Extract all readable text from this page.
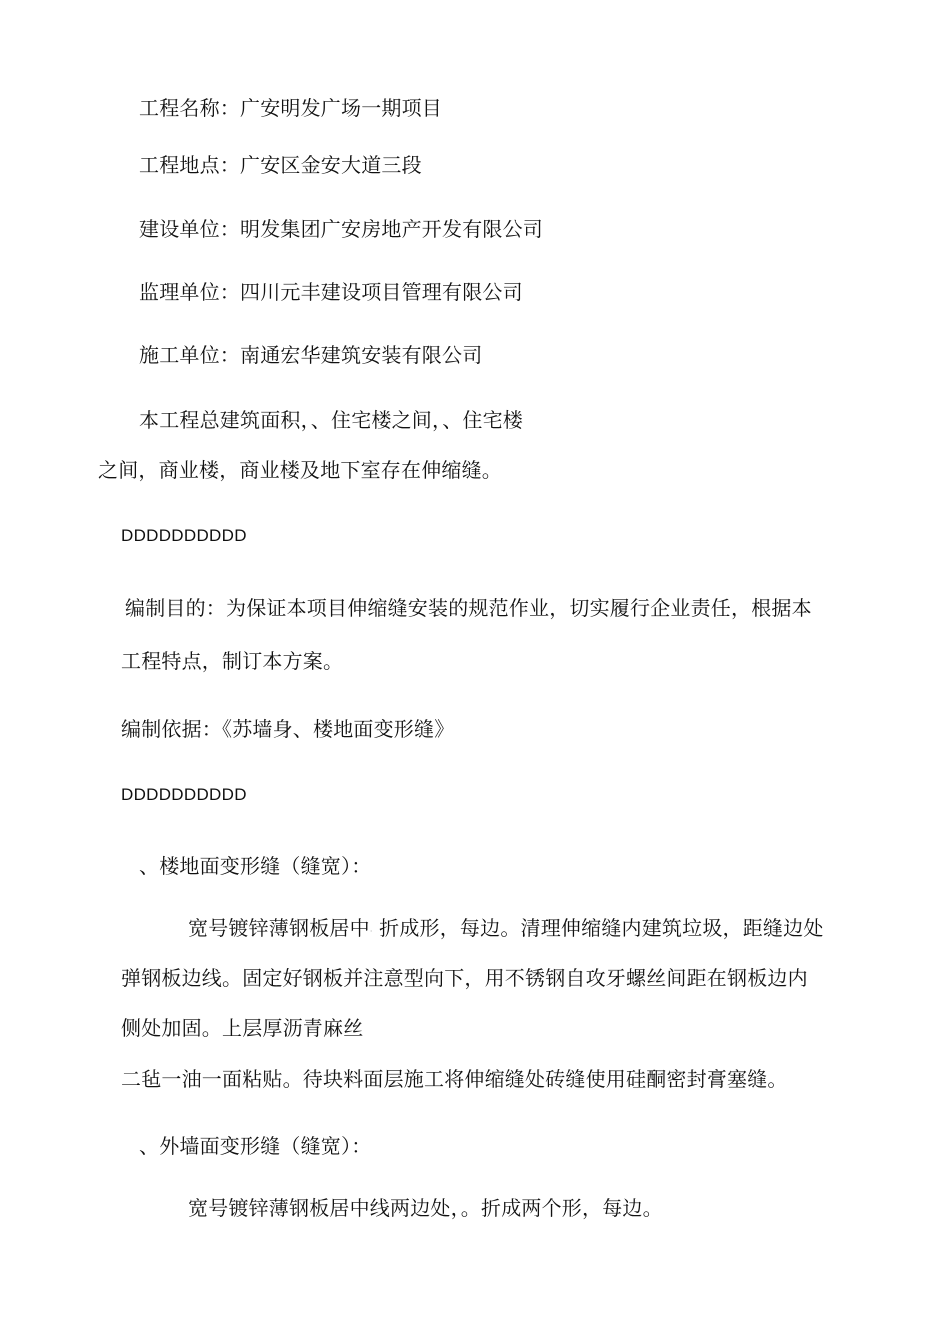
工程名称：广安明发广场一期项目

工程地点：广安区金安大道三段

建设单位：明发集团广安房地产开发有限公司

监理单位：四川元丰建设项目管理有限公司

施工单位：南通宏华建筑安装有限公司

本工程总建筑面积，、住宅楼之间，、住宅楼

之间，商业楼，商业楼及地下室存在伸缩缝。

DDDDDDDDDD

编制目的：为保证本项目伸缩缝安装的规范作业，切实履行企业责任，根据本

工程特点，制订本方案。

编制依据：《苏墙身、楼地面变形缝》

DDDDDDDDDD

、楼地面变形缝（缝宽）：

宽号镀锌薄钢板居中. 折成形，每边。清理伸缩缝内建筑垃圾，距缝边处

弹钢板边线。固定好钢板并注意型向下，用不锈钢自攻牙螺丝间距在钢板边内

侧处加固。上层厚沥青麻丝

二毡一油一面粘贴。待块料面层施工将伸缩缝处砖缝使用硅酮密封膏塞缝。

、外墙面变形缝（缝宽）：

宽号镀锌薄钢板居中线两边处，。折成两个形，每边。
